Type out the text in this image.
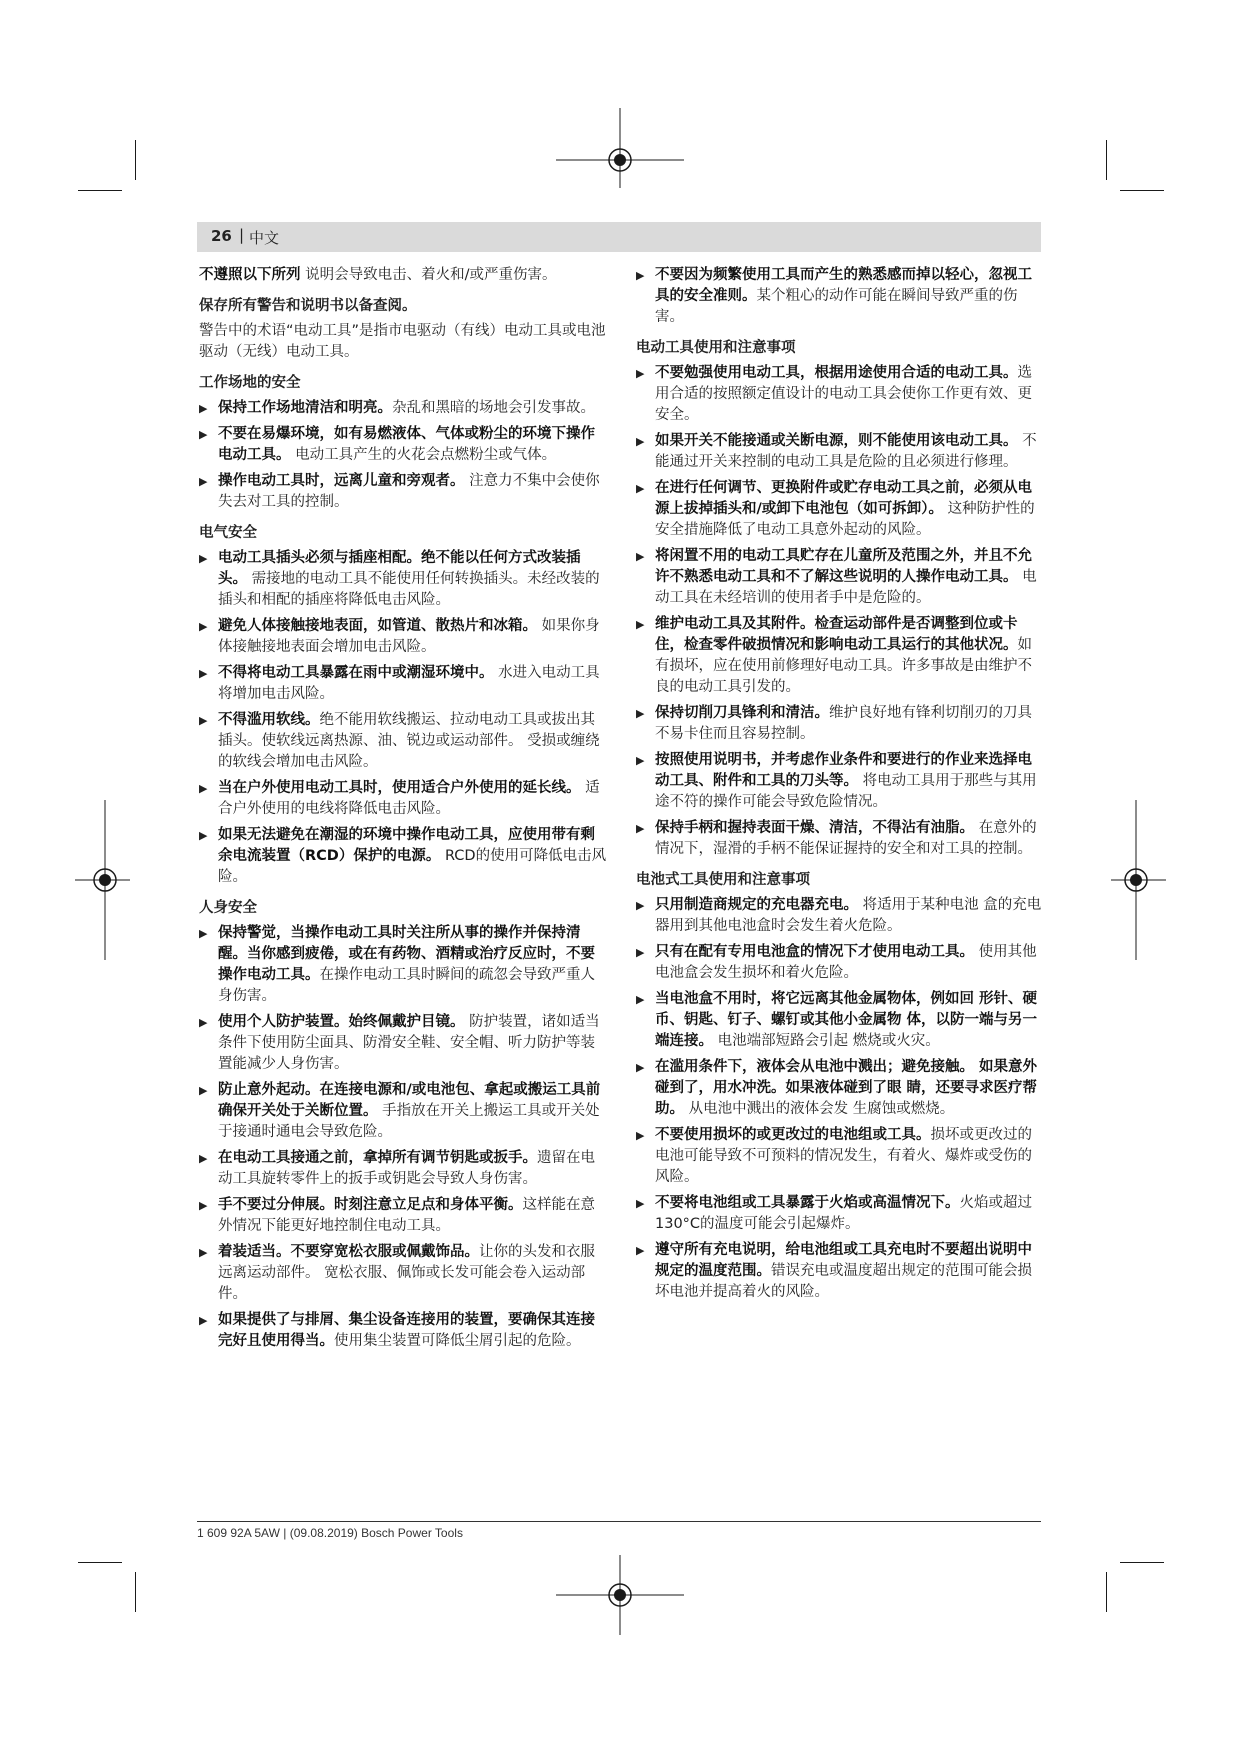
26 | 中文
不遵照以下所列 说明会导致电击、着火和/或严重伤害。
保存所有警告和说明书以备查阅。
警告中的术语“电动工具”是指市电驱动（有线）电动工具或电池驱动（无线）电动工具。
工作场地的安全
▶ 保持工作场地清洁和明亮。杂乱和黑暗的场地会引发事故。
▶ 不要在易爆环境，如有易燃液体、气体或粉尘的环境下操作电动工具。 电动工具产生的火花会点燃粉尘或气体。
▶ 操作电动工具时，远离儿童和旁观者。 注意力不集中会使你失去对工具的控制。
电气安全
▶ 电动工具插头必须与插座相配。绝不能以任何方式改装插头。 需接地的电动工具不能使用任何转换插头。未经改装的插头和相配的插座将降低电击风险。
▶ 避免人体接触接地表面，如管道、散热片和冰箱。 如果你身体接触接地表面会增加电击风险。
▶ 不得将电动工具暴露在雨中或潮湿环境中。 水进入电动工具将增加电击风险。
▶ 不得滥用软线。绝不能用软线搬运、拉动电动工具或拔出其插头。使软线远离热源、油、锐边或运动部件。 受损或缠绕的软线会增加电击风险。
▶ 当在户外使用电动工具时，使用适合户外使用的延长线。 适合户外使用的电线将降低电击风险。
▶ 如果无法避免在潮湿的环境中操作电动工具，应使用带有剩余电流装置（RCD）保护的电源。 RCD的使用可降低电击风险。
人身安全
▶ 保持警觉，当操作电动工具时关注所从事的操作并保持清醒。当你感到疲倦，或在有药物、酒精或治疗反应时，不要操作电动工具。在操作电动工具时瞬间的疏忽会导致严重人身伤害。
▶ 使用个人防护装置。始终佩戴护目镜。 防护装置，诸如适当条件下使用防尘面具、防滑安全鞋、安全帽、听力防护等装置能减少人身伤害。
▶ 防止意外起动。在连接电源和/或电池包、拿起或搬运工具前确保开关处于关断位置。 手指放在开关上搬运工具或开关处于接通时通电会导致危险。
▶ 在电动工具接通之前，拿掉所有调节钥匙或扳手。遗留在电动工具旋转零件上的扳手或钥匙会导致人身伤害。
▶ 手不要过分伸展。时刻注意立足点和身体平衡。这样能在意外情况下能更好地控制住电动工具。
▶ 着装适当。不要穿宽松衣服或佩戴饰品。让你的头发和衣服远离运动部件。 宽松衣服、佩饰或长发可能会卷入运动部件。
▶ 如果提供了与排屑、集尘设备连接用的装置，要确保其连接完好且使用得当。使用集尘装置可降低尘屑引起的危险。
▶ 不要因为频繁使用工具而产生的熟悉感而掉以轻心，忽视工具的安全准则。某个粗心的动作可能在瞬间导致严重的伤害。
电动工具使用和注意事项
▶ 不要勉强使用电动工具，根据用途使用合适的电动工具。选用合适的按照额定值设计的电动工具会使你工作更有效、更安全。
▶ 如果开关不能接通或关断电源，则不能使用该电动工具。 不能通过开关来控制的电动工具是危险的且必须进行修理。
▶ 在进行任何调节、更换附件或贮存电动工具之前，必须从电源上拔掉插头和/或卸下电池包（如可拆卸）。 这种防护性的安全措施降低了电动工具意外起动的风险。
▶ 将闲置不用的电动工具贮存在儿童所及范围之外，并且不允许不熟悉电动工具和不了解这些说明的人操作电动工具。 电动工具在未经培训的使用者手中是危险的。
▶ 维护电动工具及其附件。检查运动部件是否调整到位或卡住，检查零件破损情况和影响电动工具运行的其他状况。如有损坏，应在使用前修理好电动工具。许多事故是由维护不良的电动工具引发的。
▶ 保持切削刀具锋利和清洁。维护良好地有锋利切削刃的刀具不易卡住而且容易控制。
▶ 按照使用说明书，并考虑作业条件和要进行的作业来选择电动工具、附件和工具的刀头等。 将电动工具用于那些与其用途不符的操作可能会导致危险情况。
▶ 保持手柄和握持表面干燥、清洁，不得沾有油脂。 在意外的情况下，湿滑的手柄不能保证握持的安全和对工具的控制。
电池式工具使用和注意事项
▶ 只用制造商规定的充电器充电。 将适用于某种电池 盒的充电器用到其他电池盒时会发生着火危险。
▶ 只有在配有专用电池盒的情况下才使用电动工具。 使用其他电池盒会发生损坏和着火危险。
▶ 当电池盒不用时，将它远离其他金属物体，例如回 形针、硬币、钥匙、钉子、螺钉或其他小金属物 体，以防一端与另一端连接。 电池端部短路会引起 燃烧或火灾。
▶ 在滥用条件下，液体会从电池中溅出；避免接触。 如果意外碰到了，用水冲洗。如果液体碰到了眼 睛，还要寻求医疗帮助。 从电池中溅出的液体会发 生腐蚀或燃烧。
▶ 不要使用损坏的或更改过的电池组或工具。损坏或更改过的电池可能导致不可预料的情况发生，有着火、爆炸或受伤的风险。
▶ 不要将电池组或工具暴露于火焰或高温情况下。火焰或超过130°C的温度可能会引起爆炸。
▶ 遵守所有充电说明，给电池组或工具充电时不要超出说明中规定的温度范围。错误充电或温度超出规定的范围可能会损坏电池并提高着火的风险。
1 609 92A 5AW | (09.08.2019) Bosch Power Tools
